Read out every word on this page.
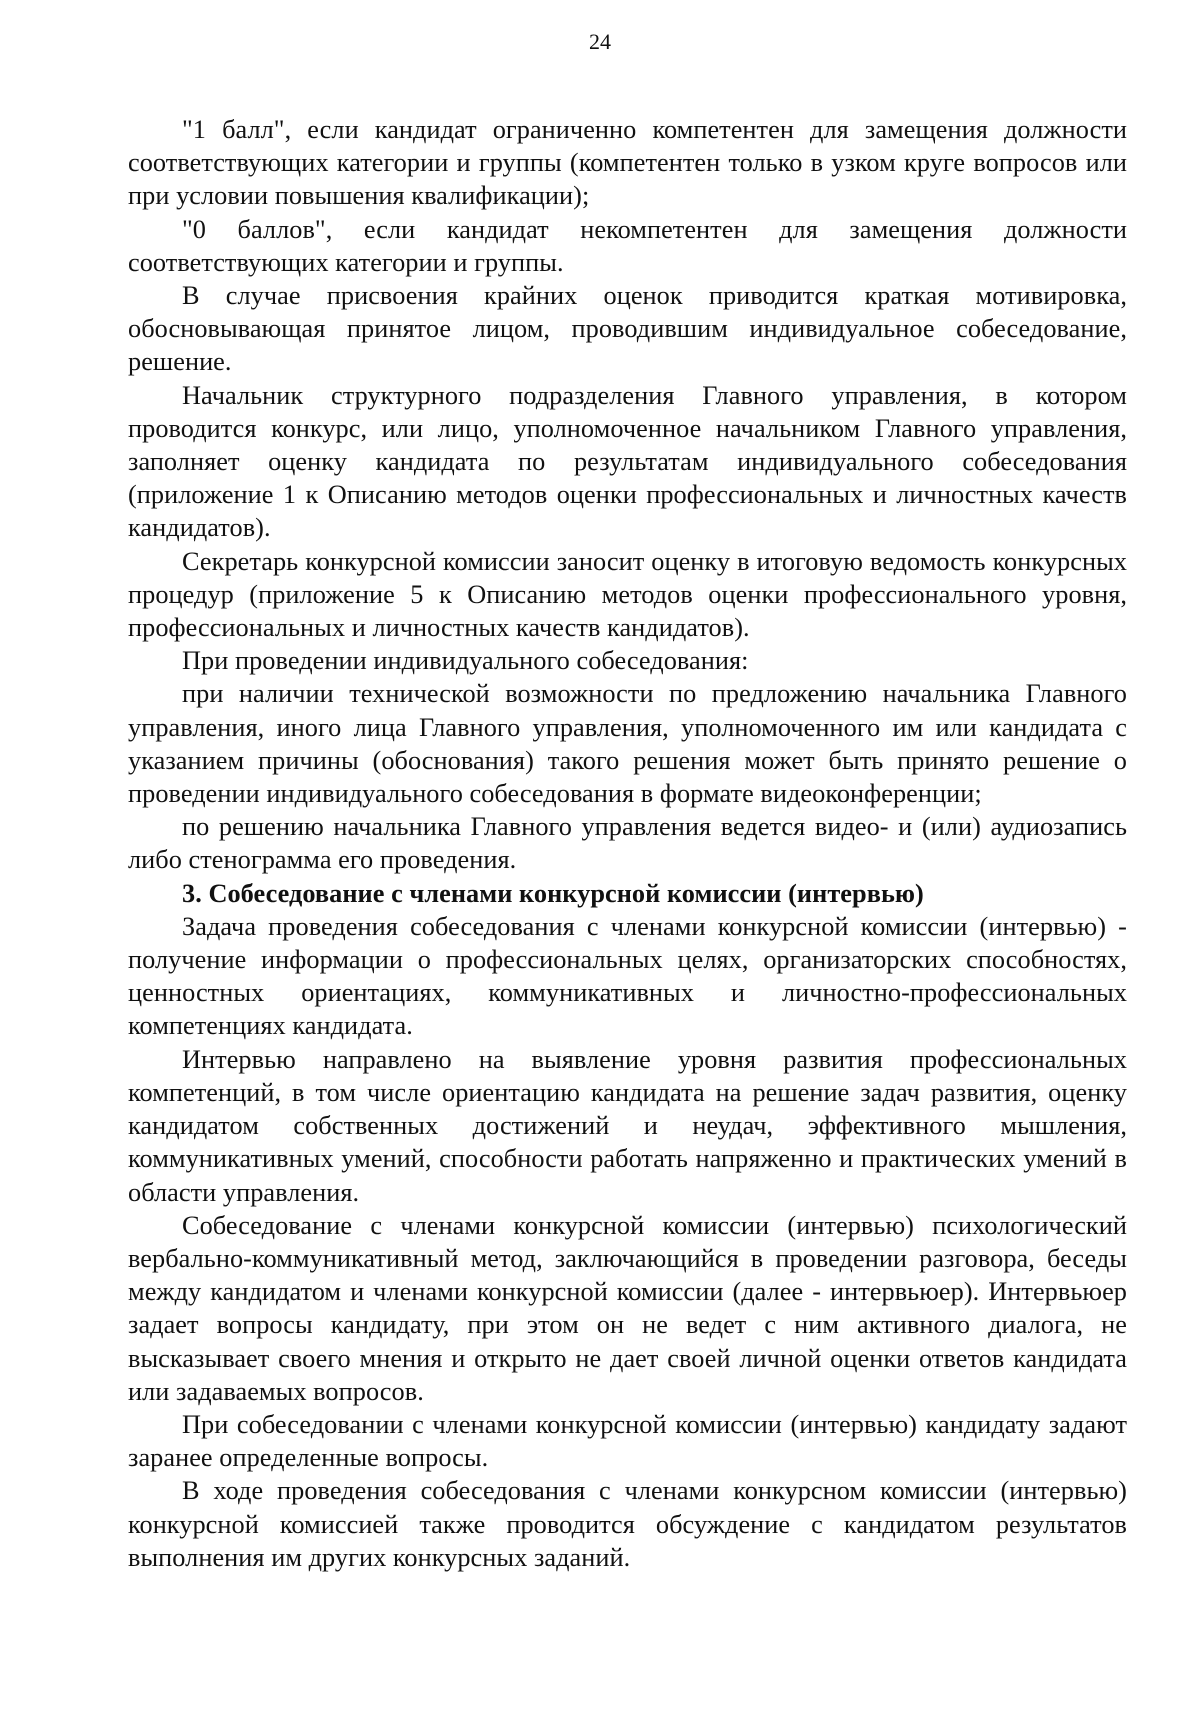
24

"1 балл", если кандидат ограниченно компетентен для замещения должности соответствующих категории и группы (компетентен только в узком круге вопросов или при условии повышения квалификации);

"0 баллов", если кандидат некомпетентен для замещения должности соответствующих категории и группы.

В случае присвоения крайних оценок приводится краткая мотивировка, обосновывающая принятое лицом, проводившим индивидуальное собеседование, решение.

Начальник структурного подразделения Главного управления, в котором проводится конкурс, или лицо, уполномоченное начальником Главного управления, заполняет оценку кандидата по результатам индивидуального собеседования (приложение 1 к Описанию методов оценки профессиональных и личностных качеств кандидатов).

Секретарь конкурсной комиссии заносит оценку в итоговую ведомость конкурсных процедур (приложение 5 к Описанию методов оценки профессионального уровня, профессиональных и личностных качеств кандидатов).

При проведении индивидуального собеседования:

при наличии технической возможности по предложению начальника Главного управления, иного лица Главного управления, уполномоченного им или кандидата с указанием причины (обоснования) такого решения может быть принято решение о проведении индивидуального собеседования в формате видеоконференции;

по решению начальника Главного управления ведется видео- и (или) аудиозапись либо стенограмма его проведения.

3. Собеседование с членами конкурсной комиссии (интервью)

Задача проведения собеседования с членами конкурсной комиссии (интервью) - получение информации о профессиональных целях, организаторских способностях, ценностных ориентациях, коммуникативных и личностно-профессиональных компетенциях кандидата.

Интервью направлено на выявление уровня развития профессиональных компетенций, в том числе ориентацию кандидата на решение задач развития, оценку кандидатом собственных достижений и неудач, эффективного мышления, коммуникативных умений, способности работать напряженно и практических умений в области управления.

Собеседование с членами конкурсной комиссии (интервью) психологический вербально-коммуникативный метод, заключающийся в проведении разговора, беседы между кандидатом и членами конкурсной комиссии (далее - интервьюер). Интервьюер задает вопросы кандидату, при этом он не ведет с ним активного диалога, не высказывает своего мнения и открыто не дает своей личной оценки ответов кандидата или задаваемых вопросов.

При собеседовании с членами конкурсной комиссии (интервью) кандидату задают заранее определенные вопросы.

В ходе проведения собеседования с членами конкурсном комиссии (интервью) конкурсной комиссией также проводится обсуждение с кандидатом результатов выполнения им других конкурсных заданий.
